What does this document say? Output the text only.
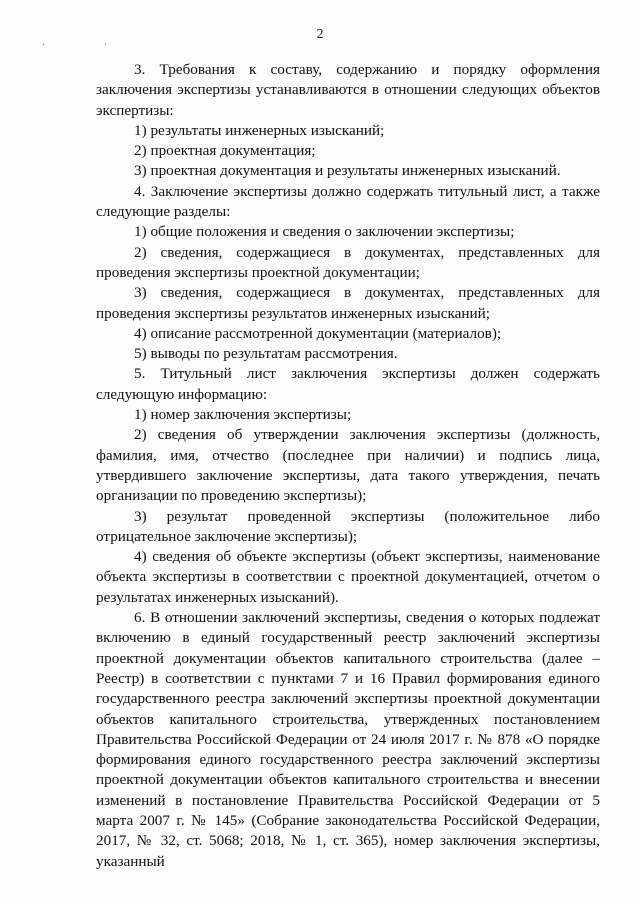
2
· ·

3. Требования к составу, содержанию и порядку оформления заключения экспертизы устанавливаются в отношении следующих объектов экспертизы:

1) результаты инженерных изысканий;

2) проектная документация;

3) проектная документация и результаты инженерных изысканий.

4. Заключение экспертизы должно содержать титульный лист, а также следующие разделы:

1) общие положения и сведения о заключении экспертизы;

2) сведения, содержащиеся в документах, представленных для проведения экспертизы проектной документации;

3) сведения, содержащиеся в документах, представленных для проведения экспертизы результатов инженерных изысканий;

4) описание рассмотренной документации (материалов);

5) выводы по результатам рассмотрения.

5. Титульный лист заключения экспертизы должен содержать следующую информацию:

1) номер заключения экспертизы;

2) сведения об утверждении заключения экспертизы (должность, фамилия, имя, отчество (последнее при наличии) и подпись лица, утвердившего заключение экспертизы, дата такого утверждения, печать организации по проведению экспертизы);

3) результат проведенной экспертизы (положительное либо отрицательное заключение экспертизы);

4) сведения об объекте экспертизы (объект экспертизы, наименование объекта экспертизы в соответствии с проектной документацией, отчетом о результатах инженерных изысканий).

6. В отношении заключений экспертизы, сведения о которых подлежат включению в единый государственный реестр заключений экспертизы проектной документации объектов капитального строительства (далее – Реестр) в соответствии с пунктами 7 и 16 Правил формирования единого государственного реестра заключений экспертизы проектной документации объектов капитального строительства, утвержденных постановлением Правительства Российской Федерации от 24 июля 2017 г. № 878 «О порядке формирования единого государственного реестра заключений экспертизы проектной документации объектов капитального строительства и внесении изменений в постановление Правительства Российской Федерации от 5 марта 2007 г. № 145» (Собрание законодательства Российской Федерации, 2017, № 32, ст. 5068; 2018, № 1, ст. 365), номер заключения экспертизы, указанный
